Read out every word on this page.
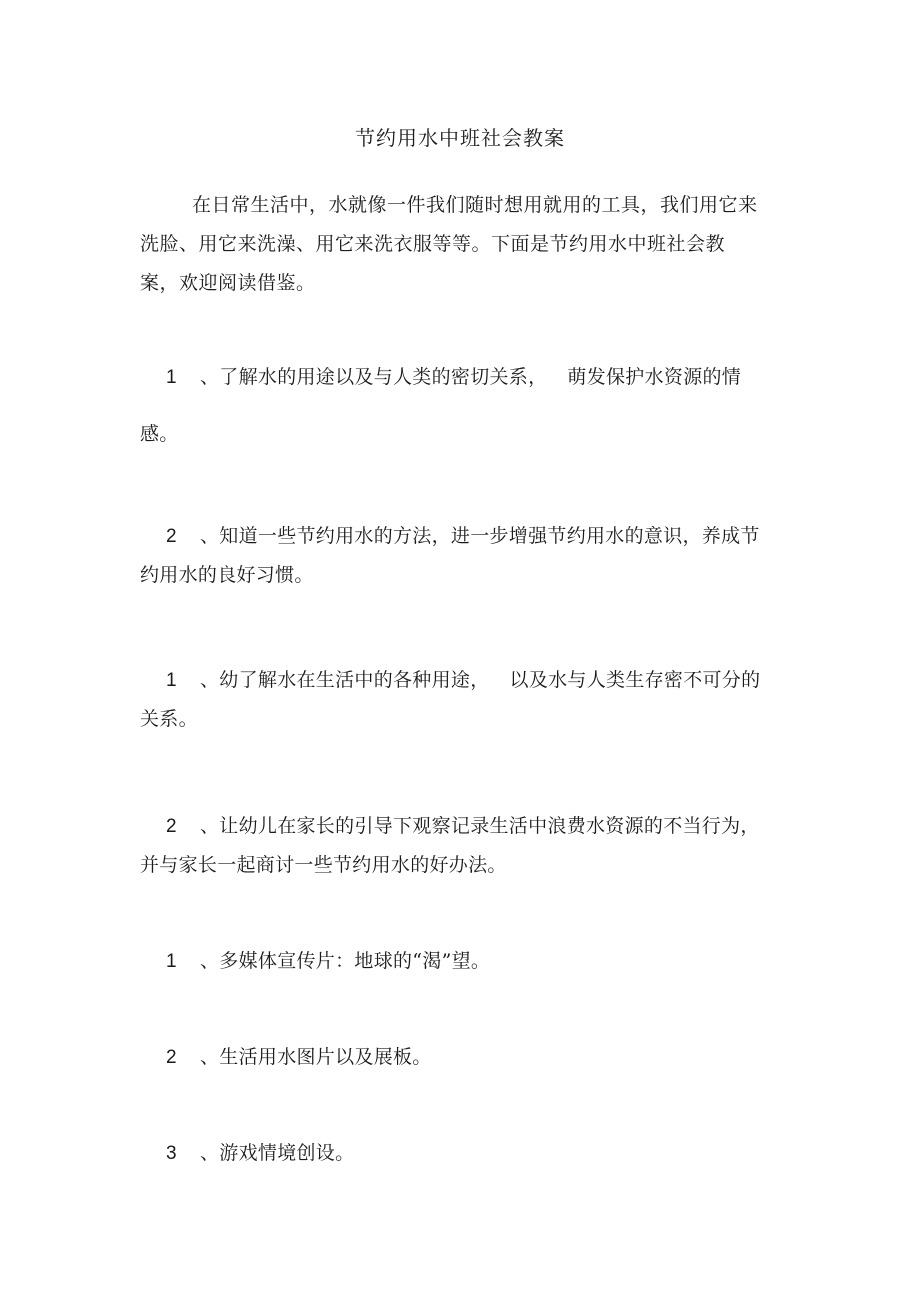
节约用水中班社会教案
在日常生活中，水就像一件我们随时想用就用的工具，我们用它来洗脸、用它来洗澡、用它来洗衣服等等。下面是节约用水中班社会教案，欢迎阅读借鉴。
1 、了解水的用途以及与人类的密切关系， 萌发保护水资源的情感。
2 、知道一些节约用水的方法，进一步增强节约用水的意识，养成节约用水的良好习惯。
1 、幼了解水在生活中的各种用途， 以及水与人类生存密不可分的关系。
2 、让幼儿在家长的引导下观察记录生活中浪费水资源的不当行为，并与家长一起商讨一些节约用水的好办法。
1 、多媒体宣传片：地球的“渴”望。
2 、生活用水图片以及展板。
3 、游戏情境创设。
